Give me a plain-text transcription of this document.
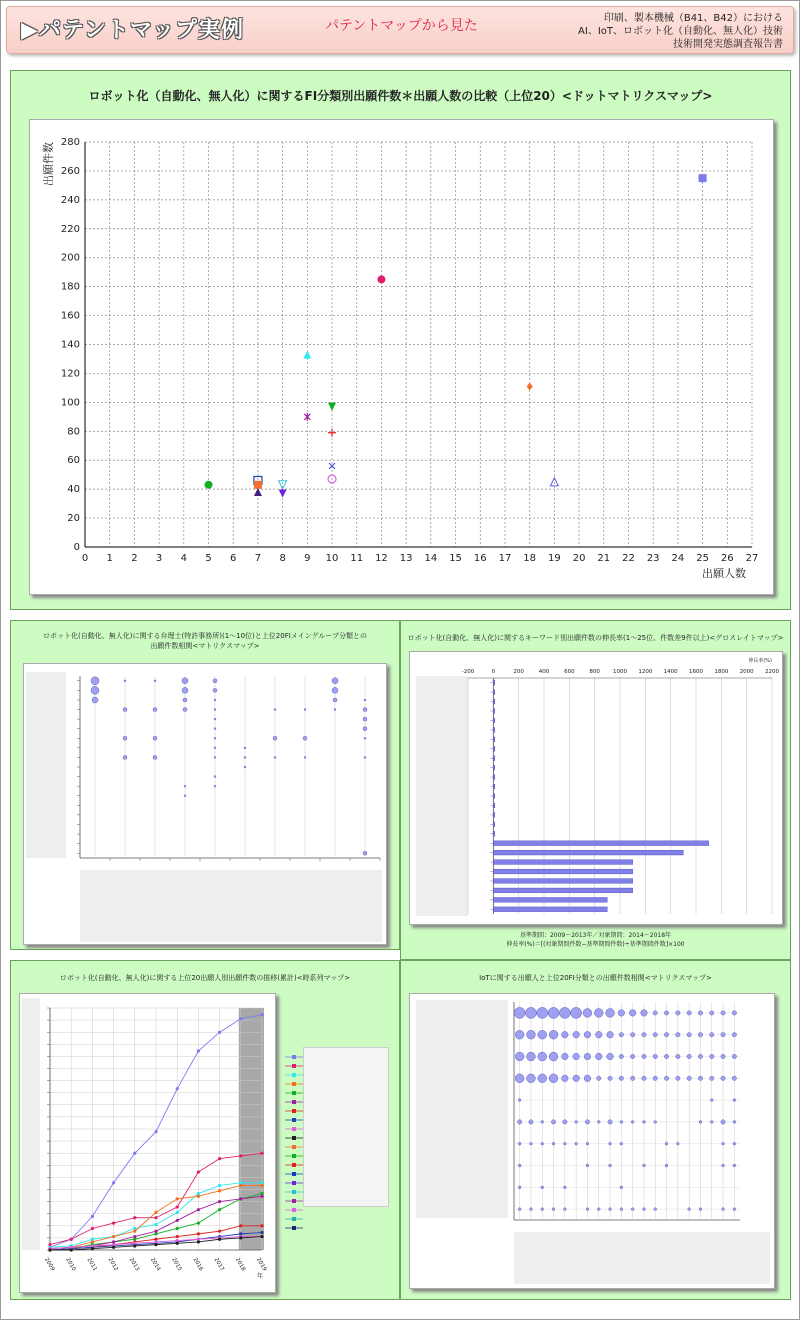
▶パテントマップ実例	パテントマップから見た	印刷、製本機械（B41、B42）における
AI、IoT、ロボット化（自動化、無人化）技術
技術開発実態調査報告書
ロボット化（自動化、無人化）に関するFI分類別出願件数＊出願人数の比較（上位20）<ドットマトリクスマップ>
0 1 2 3 4 5 6 7 8 9 10 11 12 13 14 15 16 17 18 19 20 21 22 23 24 25 26 27
0
20
40
60
80
100
120
140
160
180
200
220
240
260
280
出願人数
出願件数
ロボット化(自動化、無人化)に関する弁理士(特許事務所)(1〜10位)と上位20FIメイングループ分類との出願件数相関<マトリクスマップ>
ロボット化(自動化、無人化)に関するキーワード別出願件数の伸長率(1〜25位、件数差9件以上)<グロスレイトマップ>
伸長率(%)
-200	0	200	400	600	800 1000 1200 1400 1600 1800 2000 2200
基準期間：2009〜2013年／対象期間：2014〜2018年
伸長率(%)＝[(対象期間件数−基準期間件数)÷基準期間件数]×100
ロボット化(自動化、無人化)に関する上位20出願人別出願件数の推移(累計)<時系列マップ>
2009 2010 2011 2012 2013 2014 2015 2016 2017 2018 2019
年
IoTに関する出願人と上位20FI分類との出願件数相関<マトリクスマップ>
